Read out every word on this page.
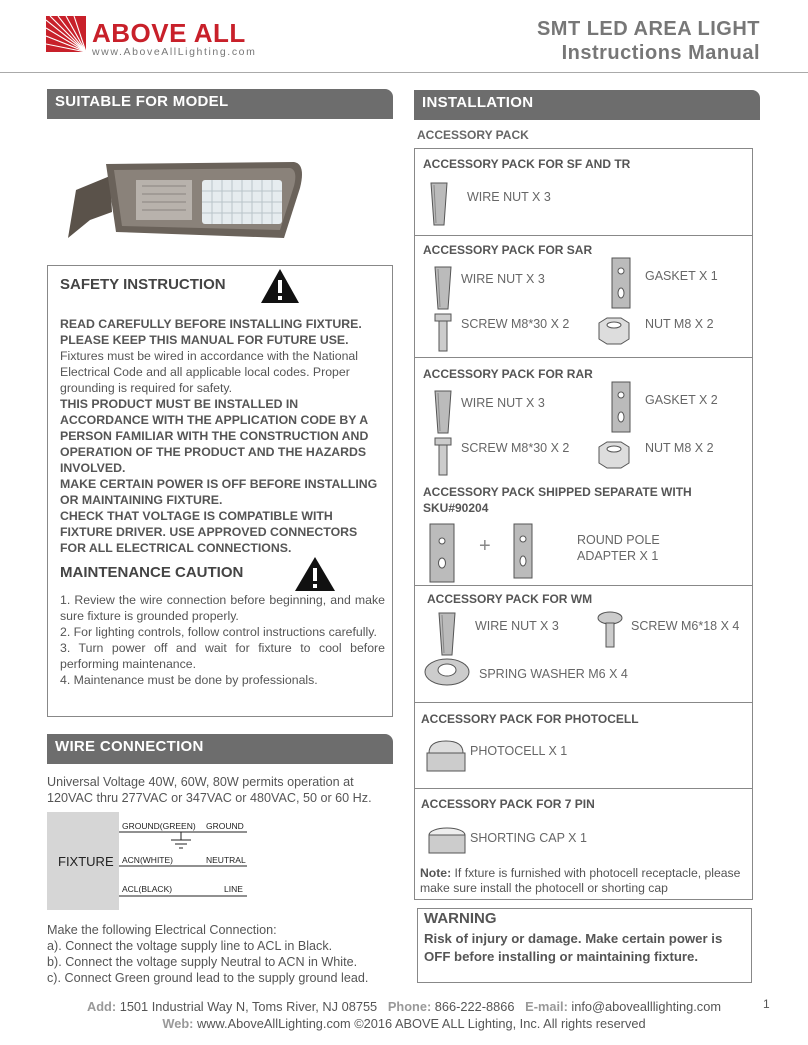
ABOVE ALL
www.AboveAllLighting.com
SMT LED AREA LIGHT
Instructions Manual
SUITABLE FOR MODEL
SAFETY INSTRUCTION
READ CAREFULLY BEFORE INSTALLING FIXTURE. PLEASE KEEP THIS MANUAL FOR FUTURE USE.
Fixtures must be wired in accordance with the National Electrical Code and all applicable local codes. Proper grounding is required for safety.
THIS PRODUCT MUST BE INSTALLED IN ACCORDANCE WITH THE APPLICATION CODE BY A PERSON FAMILIAR WITH THE CONSTRUCTION AND OPERATION OF THE PRODUCT AND THE HAZARDS INVOLVED.
MAKE CERTAIN POWER IS OFF BEFORE INSTALLING OR MAINTAINING FIXTURE.
CHECK THAT VOLTAGE IS COMPATIBLE WITH FIXTURE DRIVER. USE APPROVED CONNECTORS FOR ALL ELECTRICAL CONNECTIONS.
MAINTENANCE CAUTION
1. Review the wire connection before beginning, and make sure fixture is grounded properly.
2. For lighting controls, follow control instructions carefully.
3. Turn power off and wait for fixture to cool before performing maintenance.
4. Maintenance must be done by professionals.
WIRE CONNECTION
Universal Voltage 40W, 60W, 80W permits operation at 120VAC thru 277VAC or 347VAC or 480VAC, 50 or 60 Hz.
FIXTURE
GROUND(GREEN) GROUND
ACN(WHITE)	NEUTRAL
ACL(BLACK)	LINE
Make the following Electrical Connection:
a). Connect the voltage supply line to ACL in Black.
b). Connect the voltage supply Neutral to ACN in White.
c). Connect Green ground lead to the supply ground lead.
INSTALLATION
ACCESSORY PACK
ACCESSORY PACK FOR SF AND TR
WIRE NUT X 3
ACCESSORY PACK FOR SAR
WIRE NUT X 3	GASKET X 1
SCREW M8*30 X 2	NUT M8 X 2
ACCESSORY PACK FOR RAR
WIRE NUT X 3	GASKET X 2
SCREW M8*30 X 2	NUT M8 X 2
ACCESSORY PACK SHIPPED SEPARATE WITH SKU#90204
+	ROUND POLE
ADAPTER X 1
ACCESSORY PACK FOR WM
WIRE NUT X 3	SCREW M6*18 X 4
SPRING WASHER M6 X 4
ACCESSORY PACK FOR PHOTOCELL
PHOTOCELL X 1
ACCESSORY PACK FOR 7 PIN
SHORTING CAP X 1
Note: If fxture is furnished with photocell receptacle, please make sure install the photocell or shorting cap
WARNING
Risk of injury or damage. Make certain power is OFF before installing or maintaining fixture.
Add: 1501 Industrial Way N, Toms River, NJ 08755 Phone: 866-222-8866 E-mail: info@abovealllighting.com
Web: www.AboveAllLighting.com ©2016 ABOVE ALL Lighting, Inc. All rights reserved
1
